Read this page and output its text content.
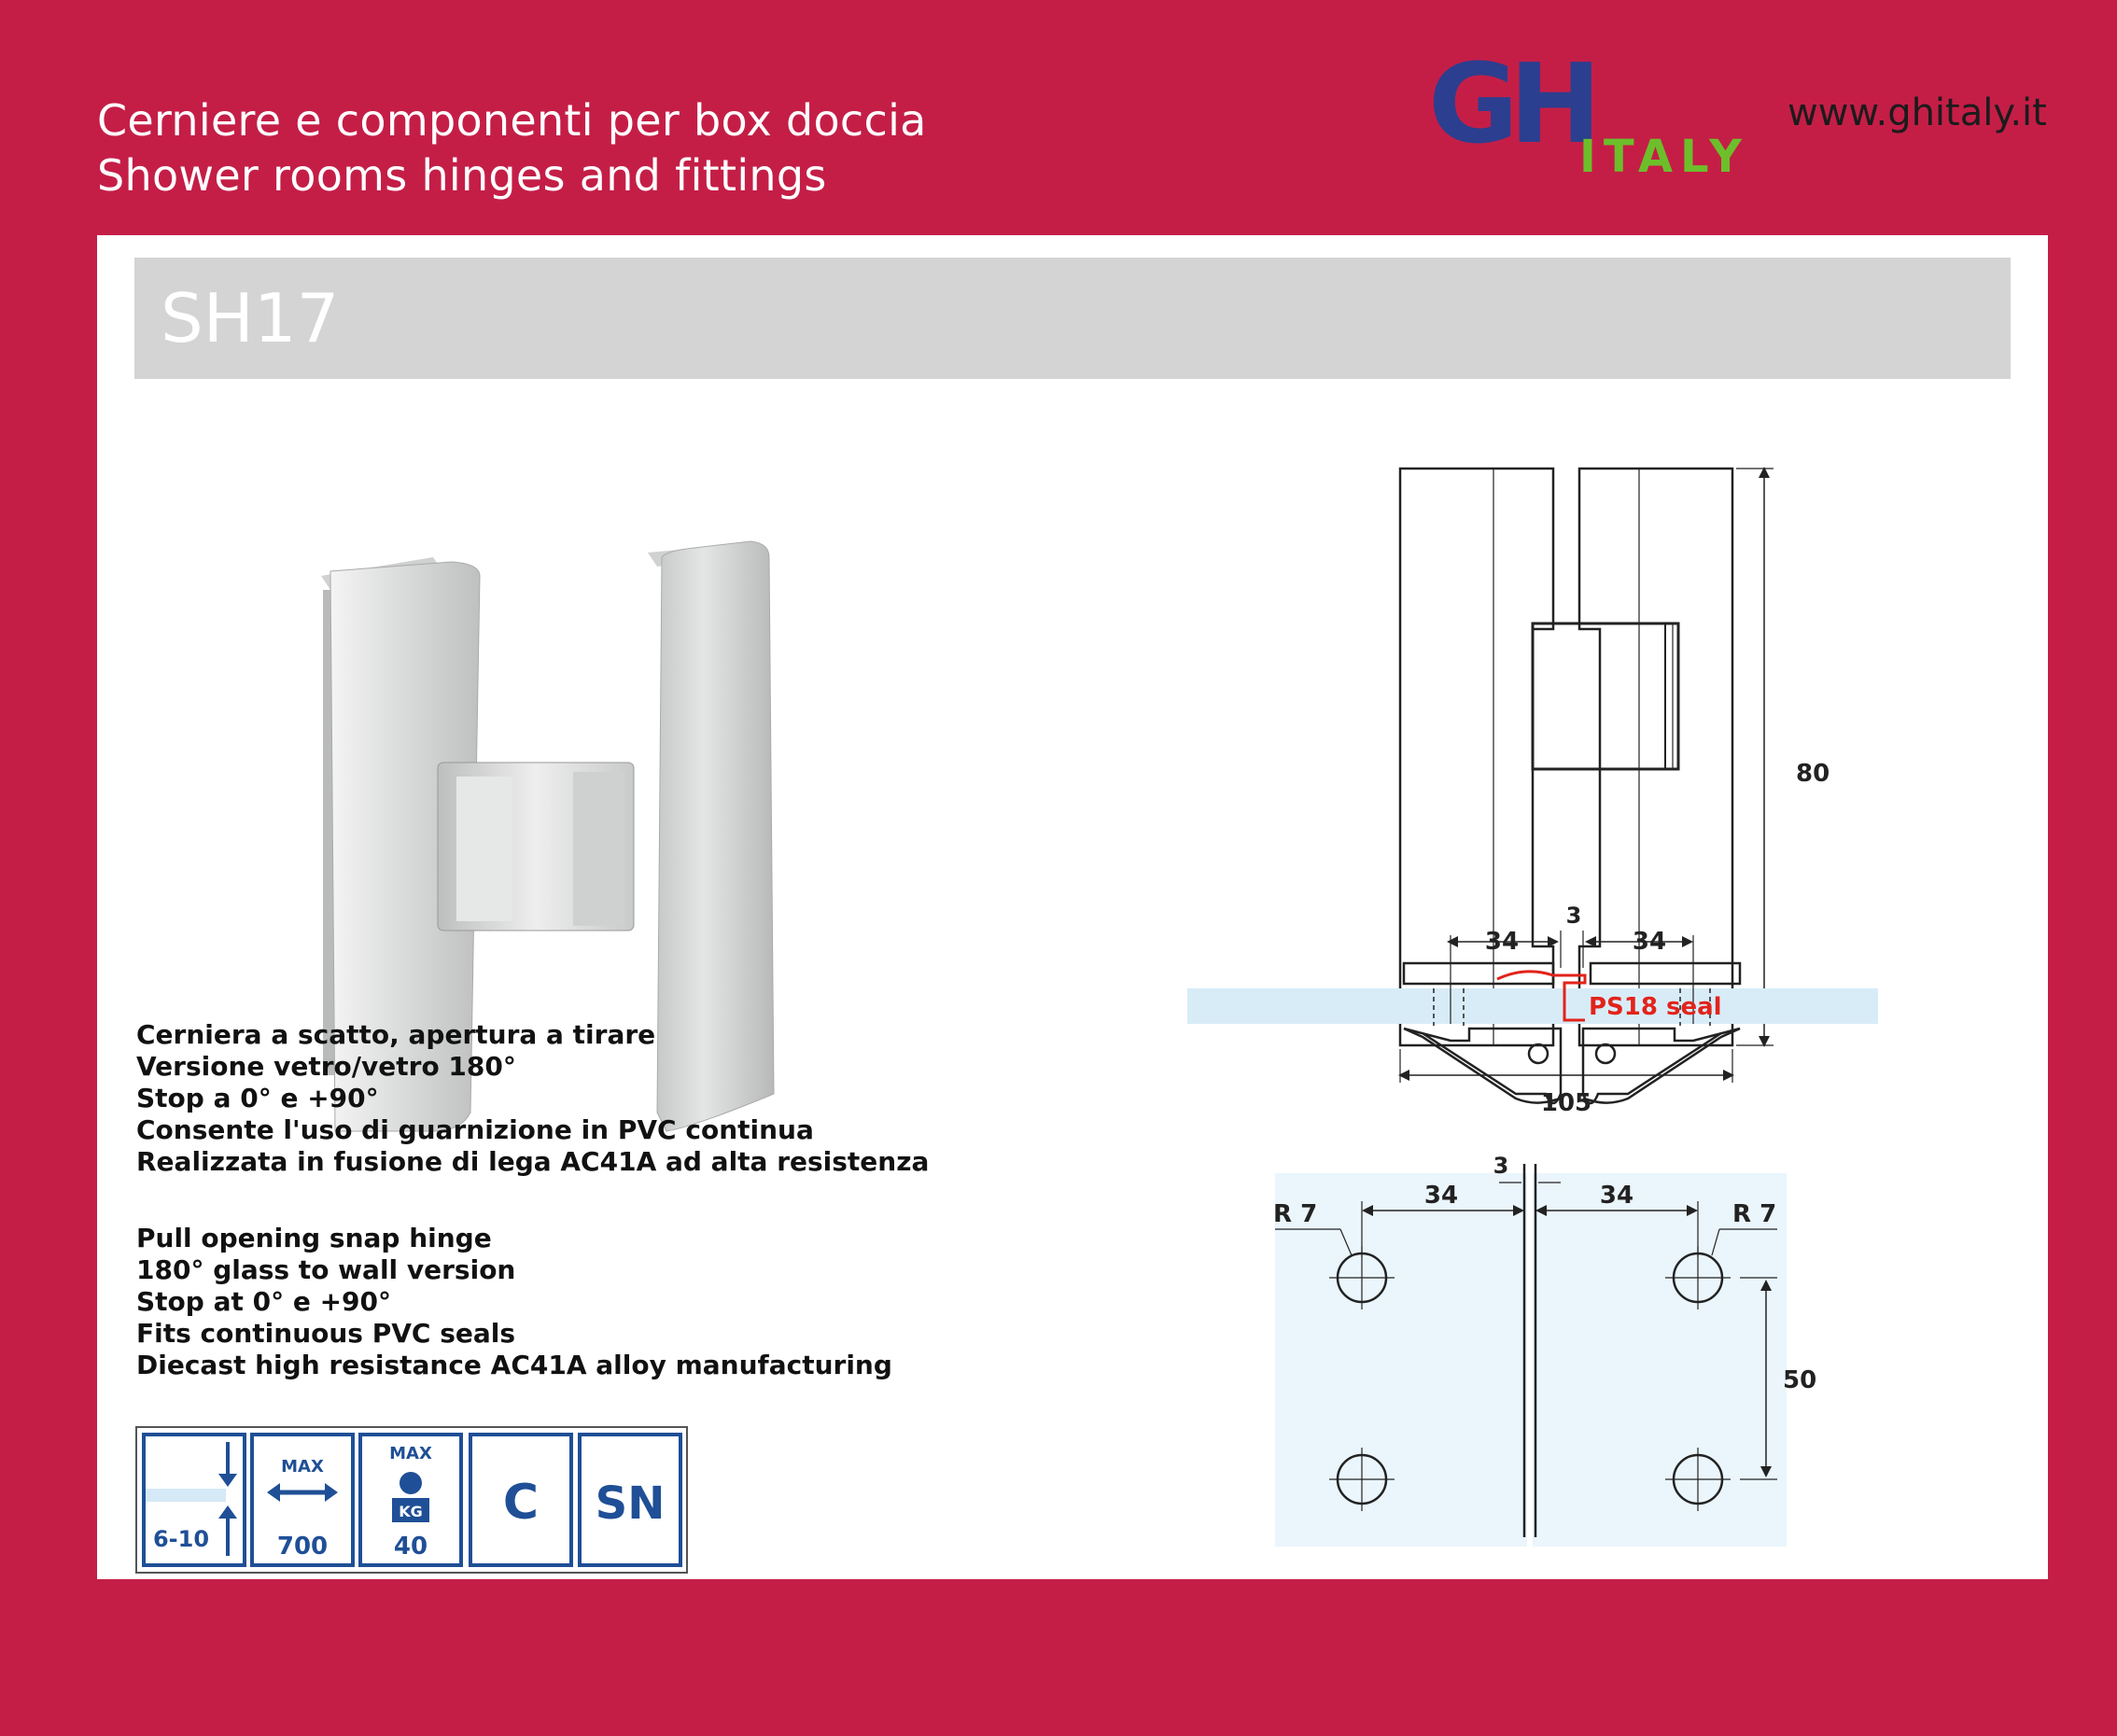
Cerniere e componenti per box doccia
Shower rooms hinges and fittings
GH
ITALY
www.ghitaly.it
SH17
Cerniera a scatto, apertura a tirare
Versione vetro/vetro 180°
Stop a 0° e +90°
Consente l'uso di guarnizione in PVC continua
Realizzata in fusione di lega AC41A ad alta resistenza
Pull opening snap hinge
180° glass to wall version
Stop at 0° e +90°
Fits continuous PVC seals
Diecast high resistance AC41A alloy manufacturing
6-10
MAX
700
MAX
KG
40
C SN
80
105
34
3
34
PS18 seal
34
3
34
R 7	R 7
50
